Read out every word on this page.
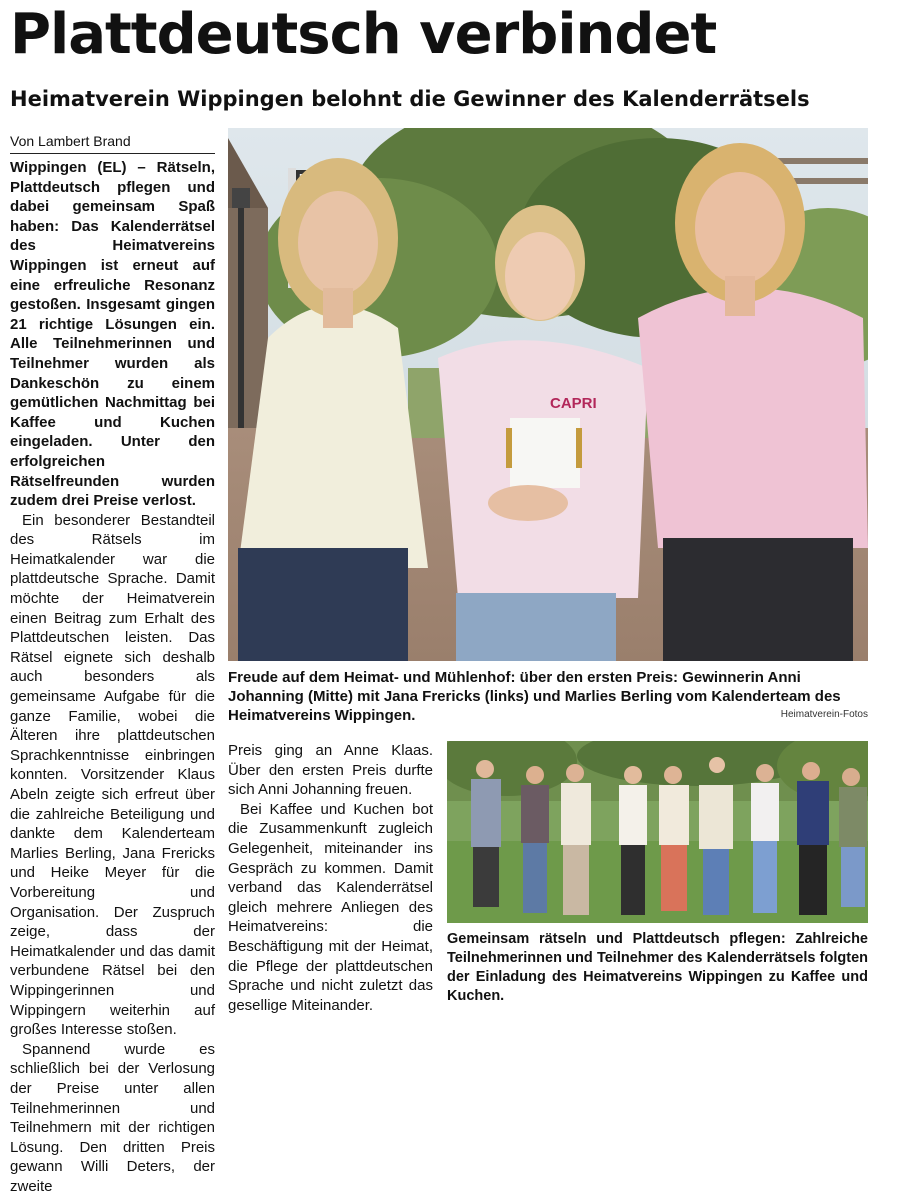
Plattdeutsch verbindet
Heimatverein Wippingen belohnt die Gewinner des Kalenderrätsels
Von Lambert Brand

Wippingen (EL) – Rätseln, Plattdeutsch pflegen und dabei gemeinsam Spaß haben: Das Kalenderrätsel des Heimatvereins Wippingen ist erneut auf eine erfreuliche Resonanz gestoßen. Insgesamt gingen 21 richtige Lösungen ein. Alle Teilnehmerinnen und Teilnehmer wurden als Dankeschön zu einem gemütlichen Nachmittag bei Kaffee und Kuchen eingeladen. Unter den erfolgreichen Rätselfreunden wurden zudem drei Preise verlost.

Ein besonderer Bestandteil des Rätsels im Heimatkalender war die plattdeutsche Sprache. Damit möchte der Heimatverein einen Beitrag zum Erhalt des Plattdeutschen leisten. Das Rätsel eignete sich deshalb auch besonders als gemeinsame Aufgabe für die ganze Familie, wobei die Älteren ihre plattdeutschen Sprachkenntnisse einbringen konnten. Vorsitzender Klaus Abeln zeigte sich erfreut über die zahlreiche Beteiligung und dankte dem Kalenderteam Marlies Berling, Jana Frericks und Heike Meyer für die Vorbereitung und Organisation. Der Zuspruch zeige, dass der Heimatkalender und das damit verbundene Rätsel bei den Wippingerinnen und Wippingern weiterhin auf großes Interesse stoßen.

Spannend wurde es schließlich bei der Verlosung der Preise unter allen Teilnehmerinnen und Teilnehmern mit der richtigen Lösung. Den dritten Preis gewann Willi Deters, der zweite

Preis ging an Anne Klaas. Über den ersten Preis durfte sich Anni Johanning freuen.

Bei Kaffee und Kuchen bot die Zusammenkunft zugleich Gelegenheit, miteinander ins Gespräch zu kommen. Damit verband das Kalenderrätsel gleich mehrere Anliegen des Heimatvereins: die Beschäftigung mit der Heimat, die Pflege der plattdeutschen Sprache und nicht zuletzt das gesellige Miteinander.

CAPRI
Freude auf dem Heimat- und Mühlenhof: über den ersten Preis: Gewinnerin Anni Johanning (Mitte) mit Jana Frericks (links) und Marlies Berling vom Kalenderteam des Heimatvereins Wippingen.	Heimatverein-Fotos
Gemeinsam rätseln und Plattdeutsch pflegen: Zahlreiche Teilnehmerinnen und Teilnehmer des Kalenderrätsels folgten der Einladung des Heimatvereins Wippingen zu Kaffee und Kuchen.
